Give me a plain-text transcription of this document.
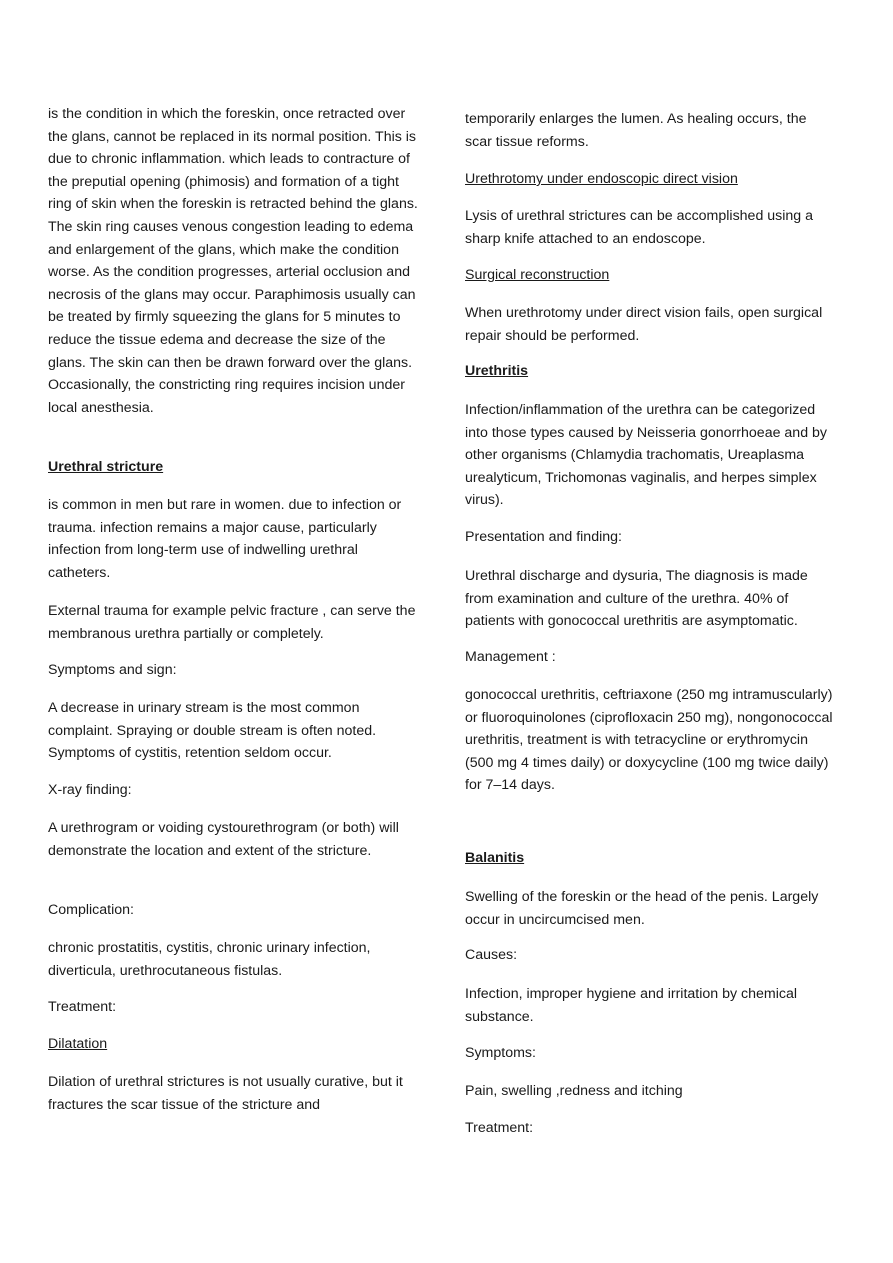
is the condition in which the foreskin, once retracted over the glans, cannot be replaced in its normal position. This is due to chronic inflammation. which leads to contracture of the preputial opening (phimosis) and formation of a tight ring of skin when the foreskin is retracted behind the glans. The skin ring causes venous congestion leading to edema and enlargement of the glans, which make the condition worse. As the condition progresses, arterial occlusion and necrosis of the glans may occur. Paraphimosis usually can be treated by firmly squeezing the glans for 5 minutes to reduce the tissue edema and decrease the size of the glans. The skin can then be drawn forward over the glans. Occasionally, the constricting ring requires incision under local anesthesia.

Urethral stricture

is common in men but rare in women. due to infection or trauma. infection remains a major cause, particularly infection from long-term use of indwelling urethral catheters.

External trauma for example pelvic fracture , can serve the membranous urethra partially or completely.

Symptoms and sign:

A decrease in urinary stream is the most common complaint. Spraying or double stream is often noted. Symptoms of cystitis, retention seldom occur.

X-ray finding:

A urethrogram or voiding cystourethrogram (or both) will demonstrate the location and extent of the stricture.

Complication:

chronic prostatitis, cystitis, chronic urinary infection, diverticula, urethrocutaneous fistulas.

Treatment:

Dilatation

Dilation of urethral strictures is not usually curative, but it fractures the scar tissue of the stricture and

temporarily enlarges the lumen. As healing occurs, the scar tissue reforms.

Urethrotomy under endoscopic direct vision

Lysis of urethral strictures can be accomplished using a sharp knife attached to an endoscope.

Surgical reconstruction

When urethrotomy under direct vision fails, open surgical repair should be performed.

Urethritis

Infection/inflammation of the urethra can be categorized into those types caused by Neisseria gonorrhoeae and by other organisms (Chlamydia trachomatis, Ureaplasma urealyticum, Trichomonas vaginalis, and herpes simplex virus).

Presentation and finding:

Urethral discharge and dysuria, The diagnosis is made from examination and culture of the urethra. 40% of patients with gonococcal urethritis are asymptomatic.

Management :

gonococcal urethritis, ceftriaxone (250 mg intramuscularly) or fluoroquinolones (ciprofloxacin 250 mg), nongonococcal urethritis, treatment is with tetracycline or erythromycin (500 mg 4 times daily) or doxycycline (100 mg twice daily) for 7–14 days.

Balanitis

Swelling of the foreskin or the head of the penis. Largely occur in uncircumcised men.

Causes:

Infection, improper hygiene and irritation by chemical substance.

Symptoms:

Pain, swelling ,redness and itching

Treatment:
